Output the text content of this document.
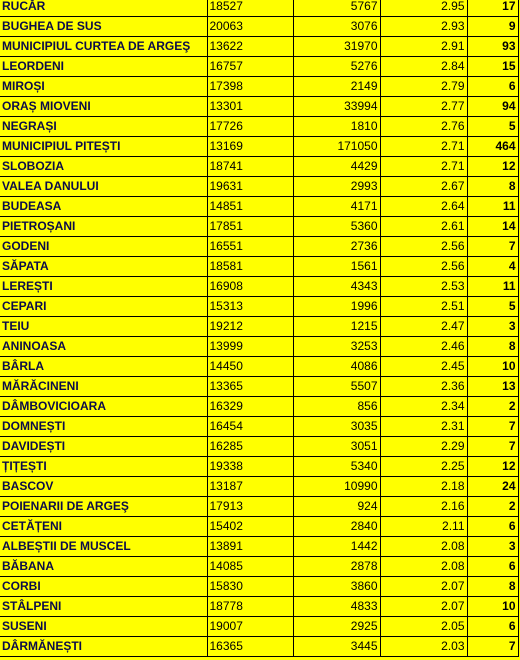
RUCĂR	18527	5767	2.95	17
BUGHEA DE SUS	20063	3076	2.93	9
MUNICIPIUL CURTEA DE ARGEŞ	13622	31970	2.91	93
LEORDENI	16757	5276	2.84	15
MIROȘI	17398	2149	2.79	6
ORAȘ MIOVENI	13301	33994	2.77	94
NEGRAȘI	17726	1810	2.76	5
MUNICIPIUL PITEȘTI	13169	171050	2.71	464
SLOBOZIA	18741	4429	2.71	12
VALEA DANULUI	19631	2993	2.67	8
BUDEASA	14851	4171	2.64	11
PIETROȘANI	17851	5360	2.61	14
GODENI	16551	2736	2.56	7
SĂPATA	18581	1561	2.56	4
LEREȘTI	16908	4343	2.53	11
CEPARI	15313	1996	2.51	5
TEIU	19212	1215	2.47	3
ANINOASA	13999	3253	2.46	8
BÂRLA	14450	4086	2.45	10
MĂRĂCINENI	13365	5507	2.36	13
DÂMBOVICIOARA	16329	856	2.34	2
DOMNEȘTI	16454	3035	2.31	7
DAVIDEȘTI	16285	3051	2.29	7
ȚIȚEȘTI	19338	5340	2.25	12
BASCOV	13187	10990	2.18	24
POIENARII DE ARGEŞ	17913	924	2.16	2
CETĂȚENI	15402	2840	2.11	6
ALBEȘTII DE MUSCEL	13891	1442	2.08	3
BĂBANA	14085	2878	2.08	6
CORBI	15830	3860	2.07	8
STÂLPENI	18778	4833	2.07	10
SUSENI	19007	2925	2.05	6
DÂRMĂNEȘTI	16365	3445	2.03	7
